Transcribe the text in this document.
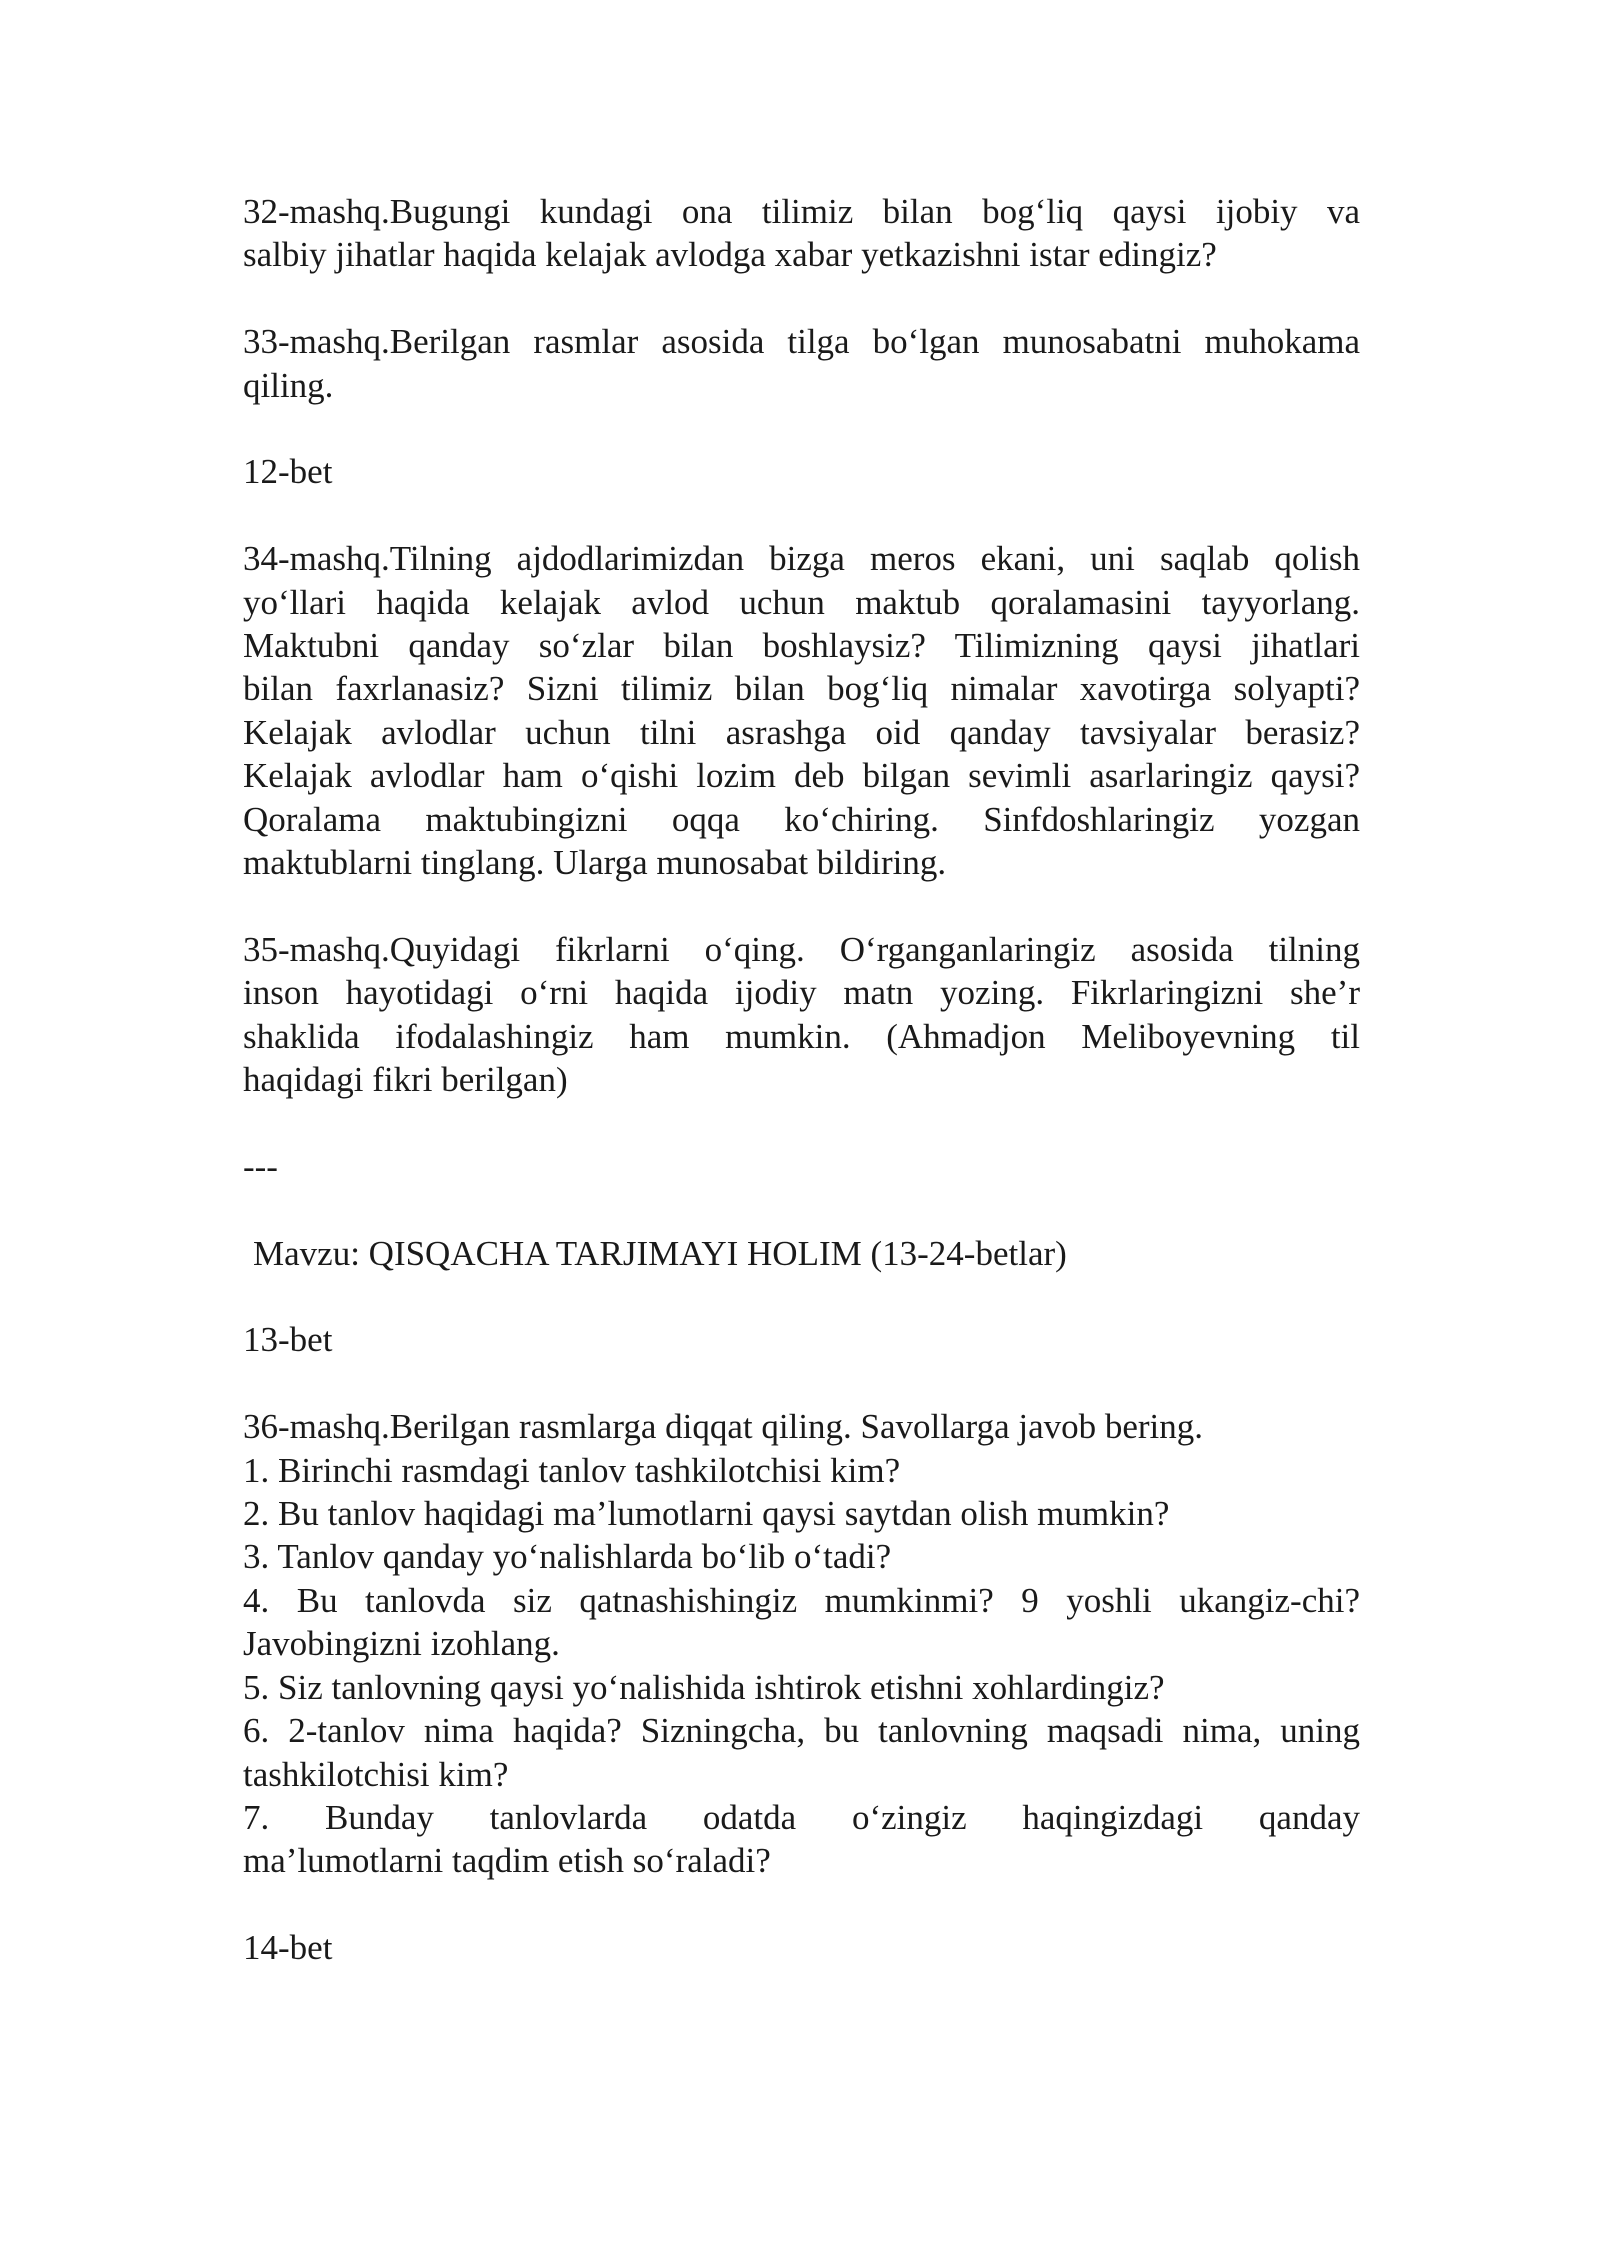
32-mashq.Bugungi kundagi ona tilimiz bilan bog‘liq qaysi ijobiy va
salbiy jihatlar haqida kelajak avlodga xabar yetkazishni istar edingiz?
33-mashq.Berilgan rasmlar asosida tilga bo‘lgan munosabatni muhokama
qiling.
12-bet
34-mashq.Tilning ajdodlarimizdan bizga meros ekani, uni saqlab qolish
yo‘llari haqida kelajak avlod uchun maktub qoralamasini tayyorlang.
Maktubni qanday so‘zlar bilan boshlaysiz? Tilimizning qaysi jihatlari
bilan faxrlanasiz? Sizni tilimiz bilan bog‘liq nimalar xavotirga solyapti?
Kelajak avlodlar uchun tilni asrashga oid qanday tavsiyalar berasiz?
Kelajak avlodlar ham o‘qishi lozim deb bilgan sevimli asarlaringiz qaysi?
Qoralama maktubingizni oqqa ko‘chiring. Sinfdoshlaringiz yozgan
maktublarni tinglang. Ularga munosabat bildiring.
35-mashq.Quyidagi fikrlarni o‘qing. O‘rganganlaringiz asosida tilning
inson hayotidagi o‘rni haqida ijodiy matn yozing. Fikrlaringizni she’r
shaklida ifodalashingiz ham mumkin. (Ahmadjon Meliboyevning til
haqidagi fikri berilgan)
---
Mavzu: QISQACHA TARJIMAYI HOLIM (13-24-betlar)
13-bet
36-mashq.Berilgan rasmlarga diqqat qiling. Savollarga javob bering.
1. Birinchi rasmdagi tanlov tashkilotchisi kim?
2. Bu tanlov haqidagi ma’lumotlarni qaysi saytdan olish mumkin?
3. Tanlov qanday yo‘nalishlarda bo‘lib o‘tadi?
4. Bu tanlovda siz qatnashishingiz mumkinmi? 9 yoshli ukangiz-chi?
Javobingizni izohlang.
5. Siz tanlovning qaysi yo‘nalishida ishtirok etishni xohlardingiz?
6. 2-tanlov nima haqida? Sizningcha, bu tanlovning maqsadi nima, uning
tashkilotchisi kim?
7. Bunday tanlovlarda odatda o‘zingiz haqingizdagi qanday
ma’lumotlarni taqdim etish so‘raladi?
14-bet
